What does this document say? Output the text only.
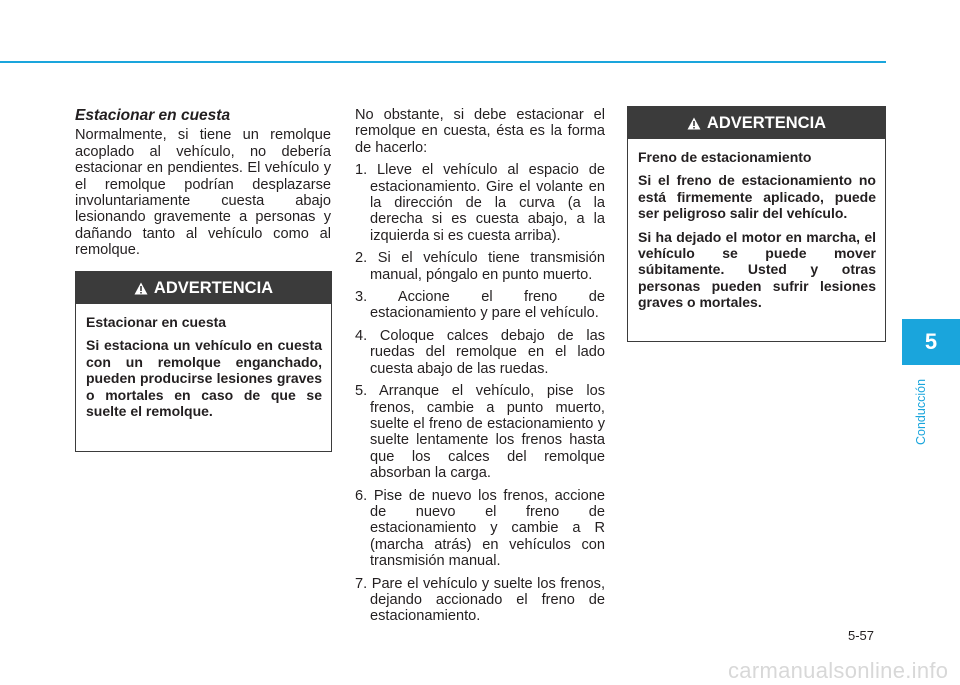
Estacionar en cuesta

Normalmente, si tiene un remolque acoplado al vehículo, no debería estacionar en pendientes. El vehículo y el remolque podrían desplazarse involuntariamente cuesta abajo lesionando gravemente a personas y dañando tanto al vehículo como al remolque.

ADVERTENCIA

Estacionar en cuesta

Si estaciona un vehículo en cuesta con un remolque enganchado, pueden producirse lesiones graves o mortales en caso de que se suelte el remolque.

No obstante, si debe estacionar el remolque en cuesta, ésta es la forma de hacerlo:

1. Lleve el vehículo al espacio de estacionamiento. Gire el volante en la dirección de la curva (a la derecha si es cuesta abajo, a la izquierda si es cuesta arriba).
2. Si el vehículo tiene transmisión manual, póngalo en punto muerto.
3. Accione el freno de estacionamiento y pare el vehículo.
4. Coloque calces debajo de las ruedas del remolque en el lado cuesta abajo de las ruedas.
5. Arranque el vehículo, pise los frenos, cambie a punto muerto, suelte el freno de estacionamiento y suelte lentamente los frenos hasta que los calces del remolque absorban la carga.
6. Pise de nuevo los frenos, accione de nuevo el freno de estacionamiento y cambie a R (marcha atrás) en vehículos con transmisión manual.
7. Pare el vehículo y suelte los frenos, dejando accionado el freno de estacionamiento.
ADVERTENCIA

Freno de estacionamiento

Si el freno de estacionamiento no está firmemente aplicado, puede ser peligroso salir del vehículo.

Si ha dejado el motor en marcha, el vehículo se puede mover súbitamente. Usted y otras personas pueden sufrir lesiones graves o mortales.

5
Conducción
5-57
carmanualsonline.info
